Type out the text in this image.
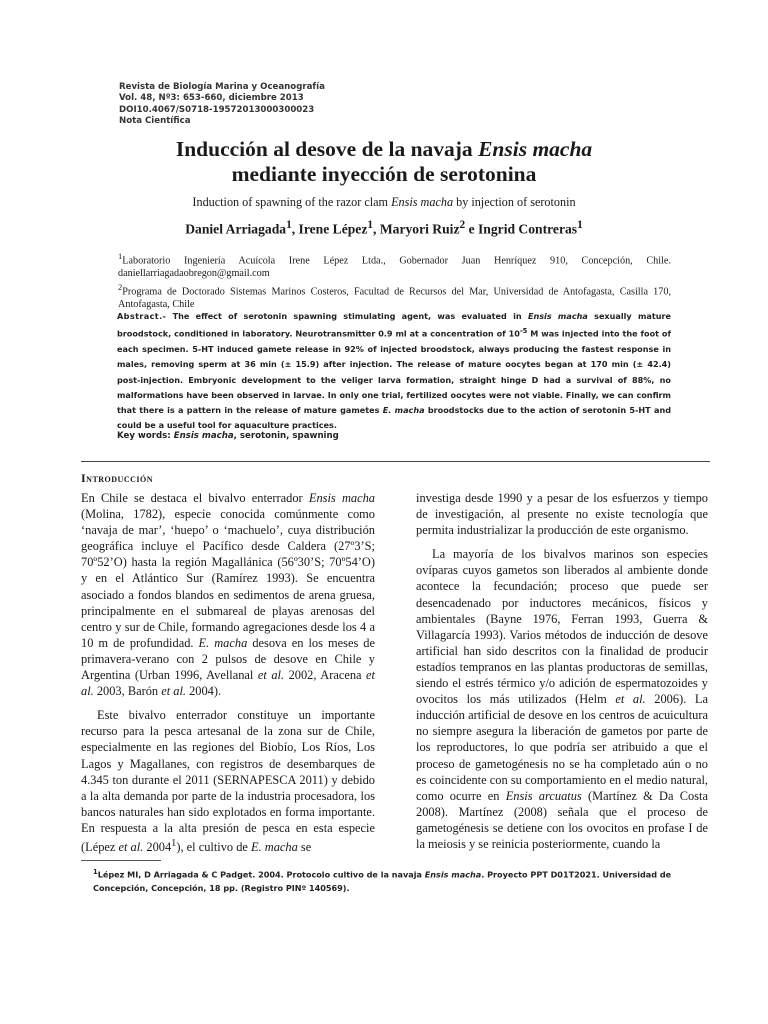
Revista de Biología Marina y Oceanografía
Vol. 48, Nº3: 653-660, diciembre 2013
DOI10.4067/S0718-19572013000300023
Nota Científica
Inducción al desove de la navaja Ensis macha
mediante inyección de serotonina
Induction of spawning of the razor clam Ensis macha by injection of serotonin
Daniel Arriagada$^1$, Irene Lépez$^1$, Maryori Ruiz$^2$ e Ingrid Contreras$^1$

$^1$Laboratorio Ingeniería Acuícola Irene Lépez Ltda., Gobernador Juan Henríquez 910, Concepción, Chile. daniellarriagadaobregon@gmail.com

$^2$Programa de Doctorado Sistemas Marinos Costeros, Facultad de Recursos del Mar, Universidad de Antofagasta, Casilla 170, Antofagasta, Chile

Abstract.- The effect of serotonin spawning stimulating agent, was evaluated in Ensis macha sexually mature broodstock, conditioned in laboratory. Neurotransmitter 0.9 ml at a concentration of $10^{-5}$ M was injected into the foot of each specimen. 5-HT induced gamete release in 92% of injected broodstock, always producing the fastest response in males, removing sperm at 36 min (± 15.9) after injection. The release of mature oocytes began at 170 min (± 42.4) post-injection. Embryonic development to the veliger larva formation, straight hinge D had a survival of 88%, no malformations have been observed in larvae. In only one trial, fertilized oocytes were not viable. Finally, we can confirm that there is a pattern in the release of mature gametes E. macha broodstocks due to the action of serotonin 5-HT and could be a useful tool for aquaculture practices.
Key words: Ensis macha, serotonin, spawning
Introducción

En Chile se destaca el bivalvo enterrador Ensis macha (Molina, 1782), especie conocida comúnmente como ‘navaja de mar’, ‘huepo’ o ‘machuelo’, cuya distribución geográfica incluye el Pacífico desde Caldera (27º3’S; 70º52’O) hasta la región Magallánica (56º30’S; 70º54’O) y en el Atlántico Sur (Ramírez 1993). Se encuentra asociado a fondos blandos en sedimentos de arena gruesa, principalmente en el submareal de playas arenosas del centro y sur de Chile, formando agregaciones desde los 4 a 10 m de profundidad. E. macha desova en los meses de primavera-verano con 2 pulsos de desove en Chile y Argentina (Urban 1996, Avellanal et al. 2002, Aracena et al. 2003, Barón et al. 2004).

Este bivalvo enterrador constituye un importante recurso para la pesca artesanal de la zona sur de Chile, especialmente en las regiones del Biobío, Los Ríos, Los Lagos y Magallanes, con registros de desembarques de 4.345 ton durante el 2011 (SERNAPESCA 2011) y debido a la alta demanda por parte de la industria procesadora, los bancos naturales han sido explotados en forma importante. En respuesta a la alta presión de pesca en esta especie (Lépez et al. 2004$^1$), el cultivo de E. macha se

investiga desde 1990 y a pesar de los esfuerzos y tiempo de investigación, al presente no existe tecnología que permita industrializar la producción de este organismo.

La mayoría de los bivalvos marinos son especies ovíparas cuyos gametos son liberados al ambiente donde acontece la fecundación; proceso que puede ser desencadenado por inductores mecánicos, físicos y ambientales (Bayne 1976, Ferran 1993, Guerra & Villagarcía 1993). Varios métodos de inducción de desove artificial han sido descritos con la finalidad de producir estadíos tempranos en las plantas productoras de semillas, siendo el estrés térmico y/o adición de espermatozoides y ovocitos los más utilizados (Helm et al. 2006). La inducción artificial de desove en los centros de acuicultura no siempre asegura la liberación de gametos por parte de los reproductores, lo que podría ser atribuido a que el proceso de gametogénesis no se ha completado aún o no es coincidente con su comportamiento en el medio natural, como ocurre en Ensis arcuatus (Martínez & Da Costa 2008). Martínez (2008) señala que el proceso de gametogénesis se detiene con los ovocitos en profase I de la meiosis y se reinicia posteriormente, cuando la

$^1$Lépez MI, D Arriagada & C Padget. 2004. Protocolo cultivo de la navaja Ensis macha. Proyecto PPT D01T2021. Universidad de Concepción, Concepción, 18 pp. (Registro PINº 140569).
